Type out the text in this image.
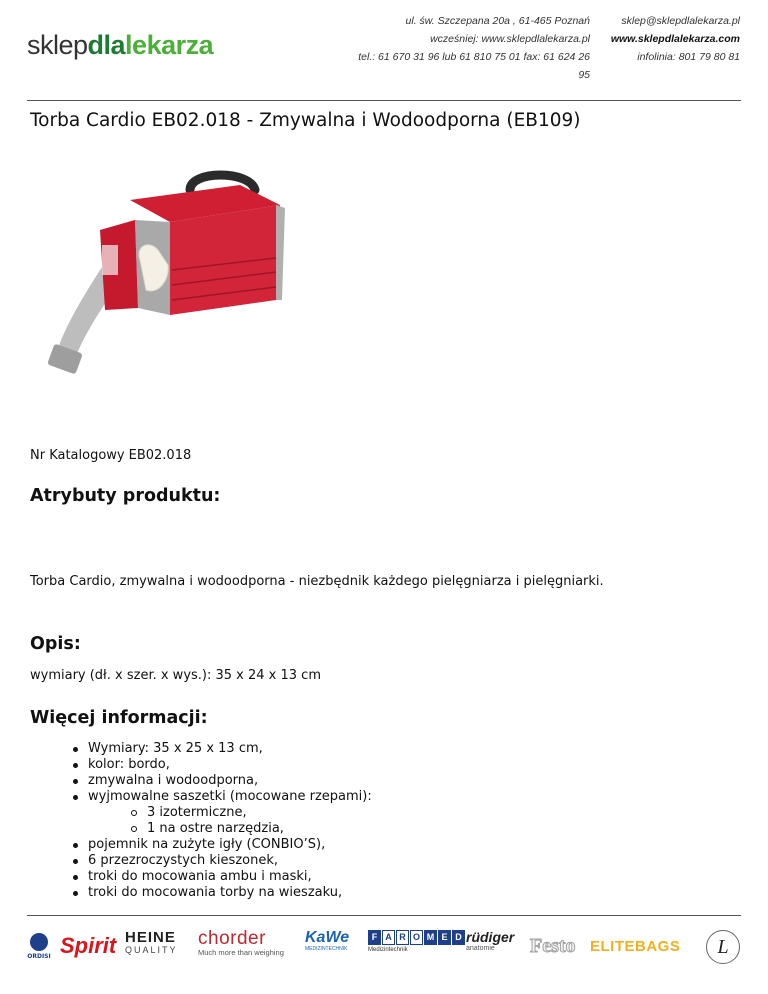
sklep dla lekarza
ul. św. Szczepana 20a , 61-465 Poznań
wcześniej: www.sklepdlalekarza.pl
tel.: 61 670 31 96 lub 61 810 75 01 fax: 61 624 26 95
sklep@sklepdlalekarza.pl
www.sklepdlalekarza.com
infolinia: 801 79 80 81
Torba Cardio EB02.018 - Zmywalna i Wodoodporna (EB109)
Nr Katalogowy EB02.018
Atrybuty produktu:
Torba Cardio, zmywalna i wodoodporna - niezbędnik każdego pielęgniarza i pielęgniarki.
Opis:
wymiary (dł. x szer. x wys.): 35 x 24 x 13 cm
Więcej informacji:
Wymiary: 35 x 25 x 13 cm,
kolor: bordo,
zmywalna i wodoodporna,
wyjmowalne saszetki (mocowane rzepami):
3 izotermiczne,
1 na ostre narzędzia,
pojemnik na zużyte igły (CONBIO’S),
6 przezroczystych kieszonek,
troki do mocowania ambu i maski,
troki do mocowania torby na wieszaku,
ORDISI Spirit HEINE
QUALITY
chorder
Much more than weighing
KaWe
MEDIZINTECHNIK
F A R O M E D
Medizintechnik
rüdiger
anatomie Festo ELITEBAGS	L
